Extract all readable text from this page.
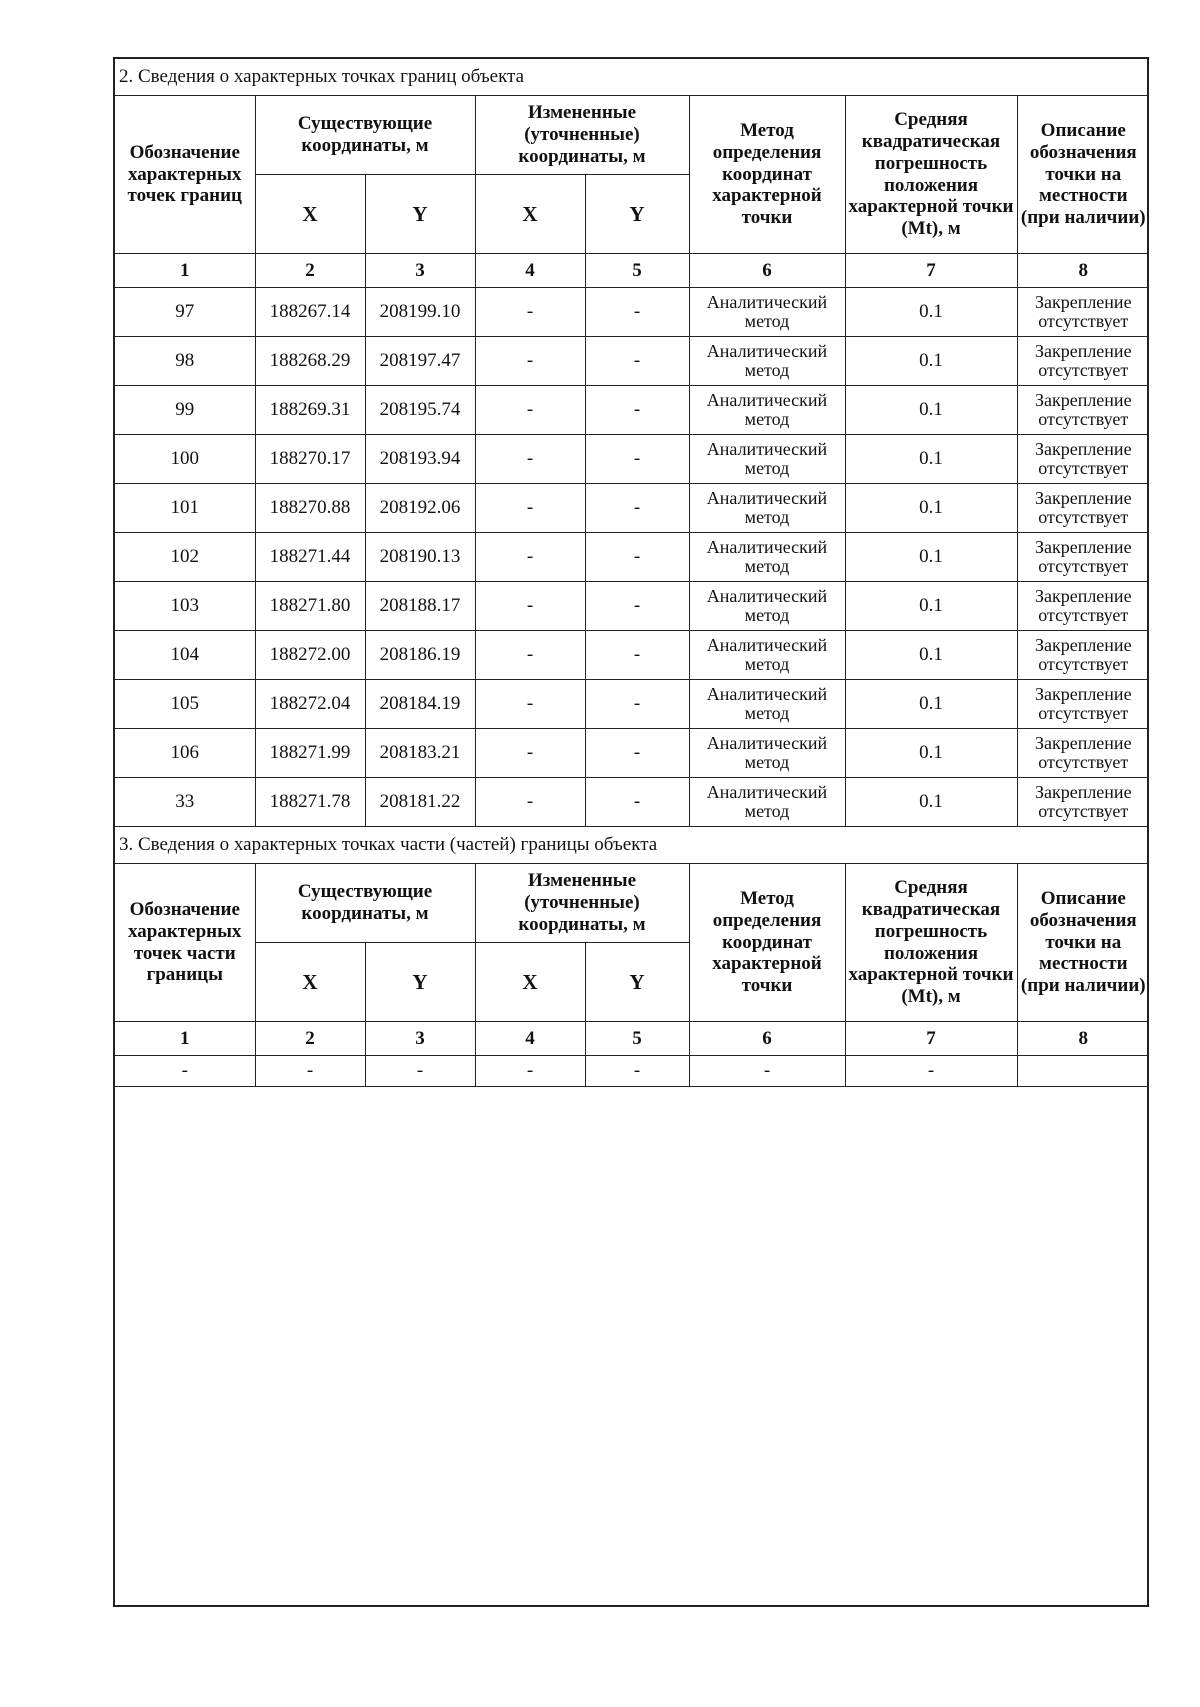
2. Сведения о характерных точках границ объекта							
Обозначение характерных точек границ	Существующие координаты, м		Измененные (уточненные) координаты, м		Метод определения координат характерной точки	Средняя квадратическая погрешность положения характерной точки (Mt), м	Описание обозначения точки на местности (при наличии)
	X	Y	X	Y			
1	2	3	4	5	6	7	8
97	188267.14	208199.10	-	-	Аналитический метод	0.1	Закрепление отсутствует
98	188268.29	208197.47	-	-	Аналитический метод	0.1	Закрепление отсутствует
99	188269.31	208195.74	-	-	Аналитический метод	0.1	Закрепление отсутствует
100	188270.17	208193.94	-	-	Аналитический метод	0.1	Закрепление отсутствует
101	188270.88	208192.06	-	-	Аналитический метод	0.1	Закрепление отсутствует
102	188271.44	208190.13	-	-	Аналитический метод	0.1	Закрепление отсутствует
103	188271.80	208188.17	-	-	Аналитический метод	0.1	Закрепление отсутствует
104	188272.00	208186.19	-	-	Аналитический метод	0.1	Закрепление отсутствует
105	188272.04	208184.19	-	-	Аналитический метод	0.1	Закрепление отсутствует
106	188271.99	208183.21	-	-	Аналитический метод	0.1	Закрепление отсутствует
33	188271.78	208181.22	-	-	Аналитический метод	0.1	Закрепление отсутствует
3. Сведения о характерных точках части (частей) границы объекта							
Обозначение характерных точек части границы	Существующие координаты, м		Измененные (уточненные) координаты, м		Метод определения координат характерной точки	Средняя квадратическая погрешность положения характерной точки (Mt), м	Описание обозначения точки на местности (при наличии)
	X	Y	X	Y			
1	2	3	4	5	6	7	8
-	-	-	-	-	-	-	
